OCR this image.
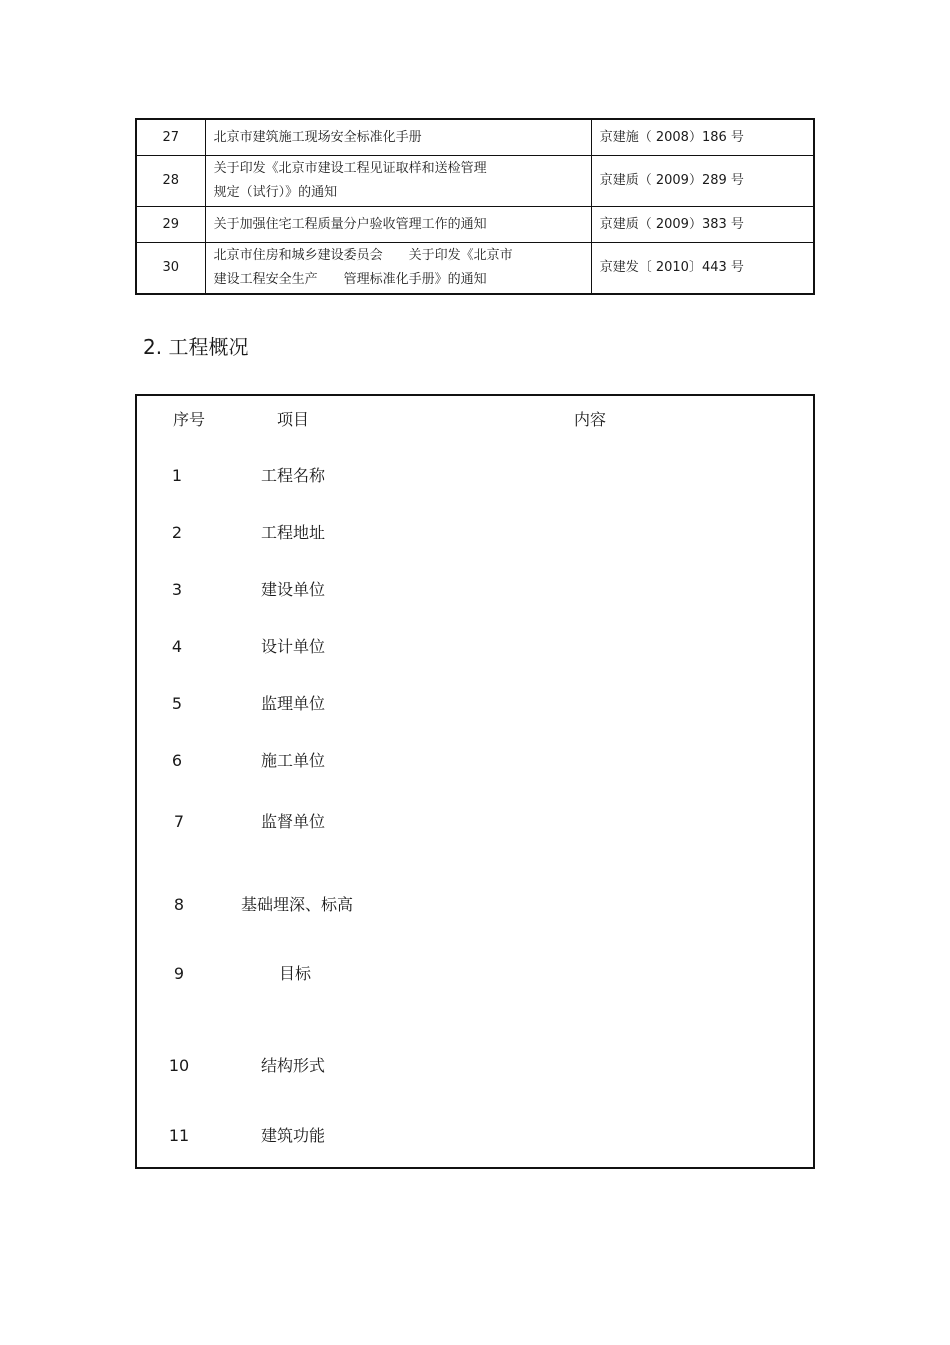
27	北京市建筑施工现场安全标准化手册	京建施（ 2008）186 号
28	关于印发《北京市建设工程见证取样和送检管理
规定（试行）》的通知	京建质（ 2009）289 号
29	关于加强住宅工程质量分户验收管理工作的通知	京建质（ 2009）383 号
30	北京市住房和城乡建设委员会　　关于印发《北京市
建设工程安全生产　　管理标准化手册》的通知	京建发〔 2010〕443 号
2. 工程概况
序号	项目	内容
1	工程名称
2	工程地址
3	建设单位
4	设计单位
5	监理单位
6	施工单位
7	监督单位
8	基础埋深、标高
9	目标
10	结构形式
11	建筑功能
